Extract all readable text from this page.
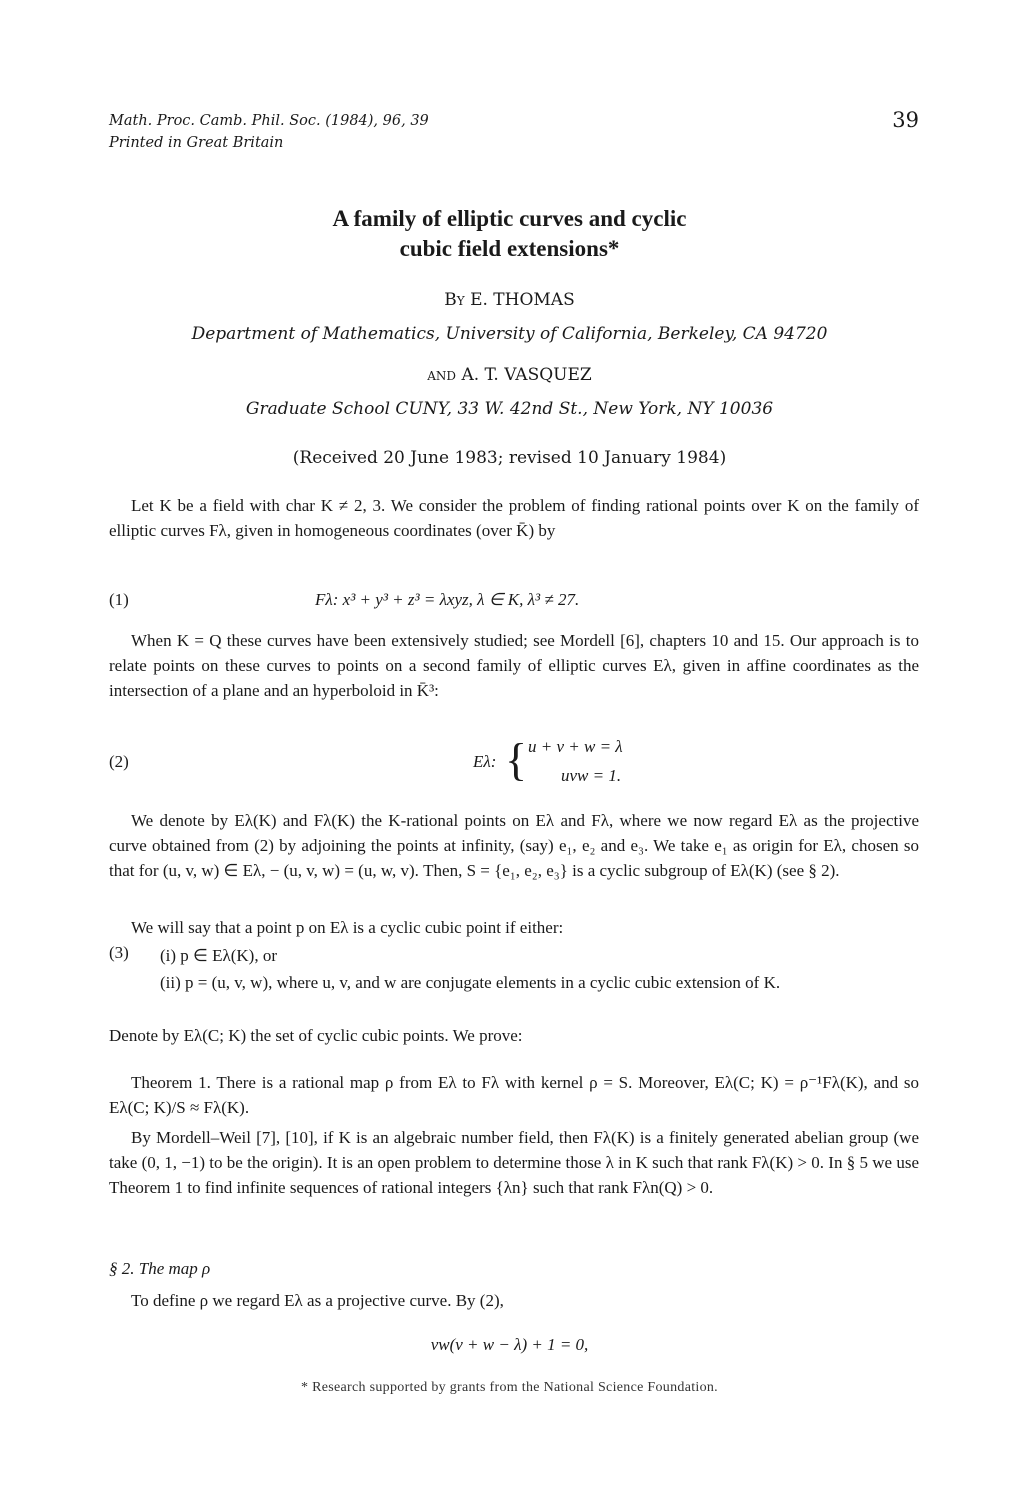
Math. Proc. Camb. Phil. Soc. (1984), 96, 39
Printed in Great Britain
39
A family of elliptic curves and cyclic
cubic field extensions*
By E. THOMAS
Department of Mathematics, University of California, Berkeley, CA 94720
and A. T. VASQUEZ
Graduate School CUNY, 33 W. 42nd St., New York, NY 10036
(Received 20 June 1983; revised 10 January 1984)
Let K be a field with char K ≠ 2, 3. We consider the problem of finding rational points over K on the family of elliptic curves Fλ, given in homogeneous coordinates (over K̄) by
(1)	Fλ: x³ + y³ + z³ = λxyz, λ ∈ K, λ³ ≠ 27.
When K = Q these curves have been extensively studied; see Mordell [6], chapters 10 and 15. Our approach is to relate points on these curves to points on a second family of elliptic curves Eλ, given in affine coordinates as the intersection of a plane and an hyperboloid in K̄³:
(2)	Eλ: { u + v + w = λ
uvw = 1.
We denote by Eλ(K) and Fλ(K) the K-rational points on Eλ and Fλ, where we now regard Eλ as the projective curve obtained from (2) by adjoining the points at infinity, (say) e₁, e₂ and e₃. We take e₁ as origin for Eλ, chosen so that for (u, v, w) ∈ Eλ, − (u, v, w) = (u, w, v). Then, S = {e₁, e₂, e₃} is a cyclic subgroup of Eλ(K) (see § 2).
We will say that a point p on Eλ is a cyclic cubic point if either:
(3) (i) p ∈ Eλ(K), or
(ii) p = (u, v, w), where u, v, and w are conjugate elements in a cyclic cubic extension of K.
Denote by Eλ(C; K) the set of cyclic cubic points. We prove:
Theorem 1. There is a rational map ρ from Eλ to Fλ with kernel ρ = S. Moreover, Eλ(C; K) = ρ⁻¹Fλ(K), and so Eλ(C; K)/S ≈ Fλ(K).
By Mordell–Weil [7], [10], if K is an algebraic number field, then Fλ(K) is a finitely generated abelian group (we take (0, 1, −1) to be the origin). It is an open problem to determine those λ in K such that rank Fλ(K) > 0. In § 5 we use Theorem 1 to find infinite sequences of rational integers {λn} such that rank Fλn(Q) > 0.
§ 2. The map ρ
To define ρ we regard Eλ as a projective curve. By (2),
vw(v + w − λ) + 1 = 0,
* Research supported by grants from the National Science Foundation.
